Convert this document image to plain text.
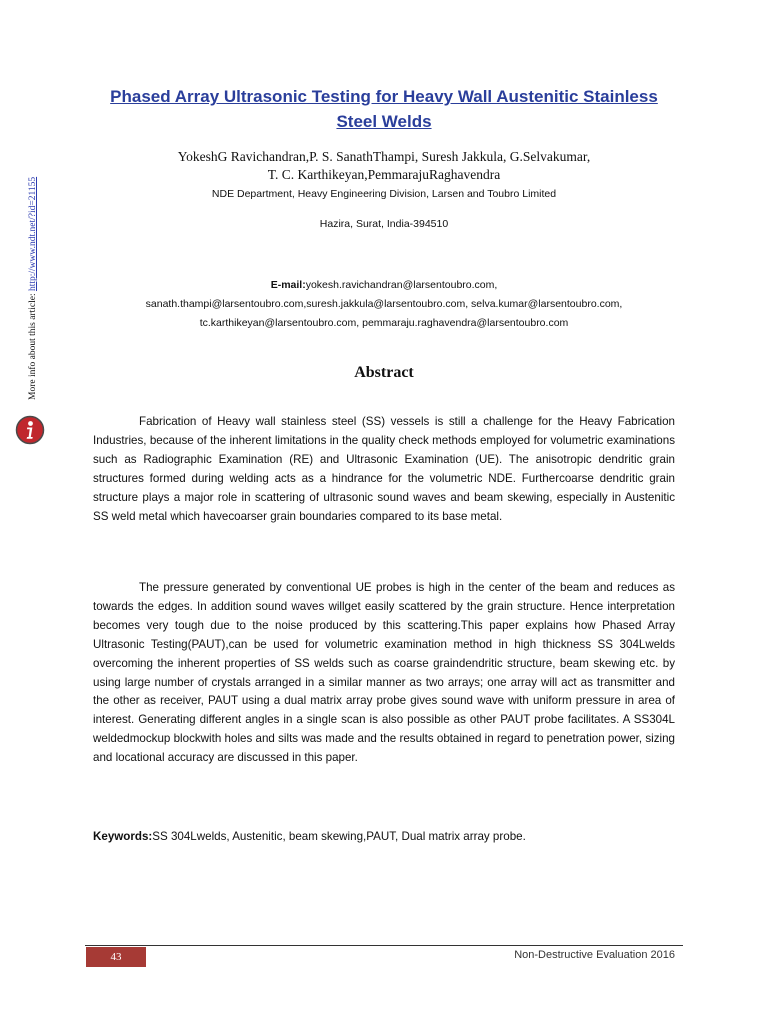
Phased Array Ultrasonic Testing for Heavy Wall Austenitic Stainless
Steel Welds
YokeshG Ravichandran,P. S. SanathThampi, Suresh Jakkula, G.Selvakumar,
T. C. Karthikeyan,PemmarajuRaghavendra
NDE Department, Heavy Engineering Division, Larsen and Toubro Limited
Hazira, Surat, India-394510
E-mail:yokesh.ravichandran@larsentoubro.com,
sanath.thampi@larsentoubro.com,suresh.jakkula@larsentoubro.com, selva.kumar@larsentoubro.com,
tc.karthikeyan@larsentoubro.com, pemmaraju.raghavendra@larsentoubro.com
Abstract
Fabrication of Heavy wall stainless steel (SS) vessels is still a challenge for the Heavy Fabrication Industries, because of the inherent limitations in the quality check methods employed for volumetric examinations such as Radiographic Examination (RE) and Ultrasonic Examination (UE). The anisotropic dendritic grain structures formed during welding acts as a hindrance for the volumetric NDE. Furthercoarse dendritic grain structure plays a major role in scattering of ultrasonic sound waves and beam skewing, especially in Austenitic SS weld metal which havecoarser grain boundaries compared to its base metal.
The pressure generated by conventional UE probes is high in the center of the beam and reduces as towards the edges. In addition sound waves willget easily scattered by the grain structure. Hence interpretation becomes very tough due to the noise produced by this scattering.This paper explains how Phased Array Ultrasonic Testing(PAUT),can be used for volumetric examination method in high thickness SS 304Lwelds overcoming the inherent properties of SS welds such as coarse graindendritic structure, beam skewing etc. by using large number of crystals arranged in a similar manner as two arrays; one array will act as transmitter and the other as receiver, PAUT using a dual matrix array probe gives sound wave with uniform pressure in area of interest. Generating different angles in a single scan is also possible as other PAUT probe facilitates. A SS304L weldedmockup blockwith holes and silts was made and the results obtained in regard to penetration power, sizing and locational accuracy are discussed in this paper.
Keywords:SS 304Lwelds, Austenitic, beam skewing,PAUT, Dual matrix array probe.
More info about this article: http://www.ndt.net/?id=21155
43	Non-Destructive Evaluation 2016
